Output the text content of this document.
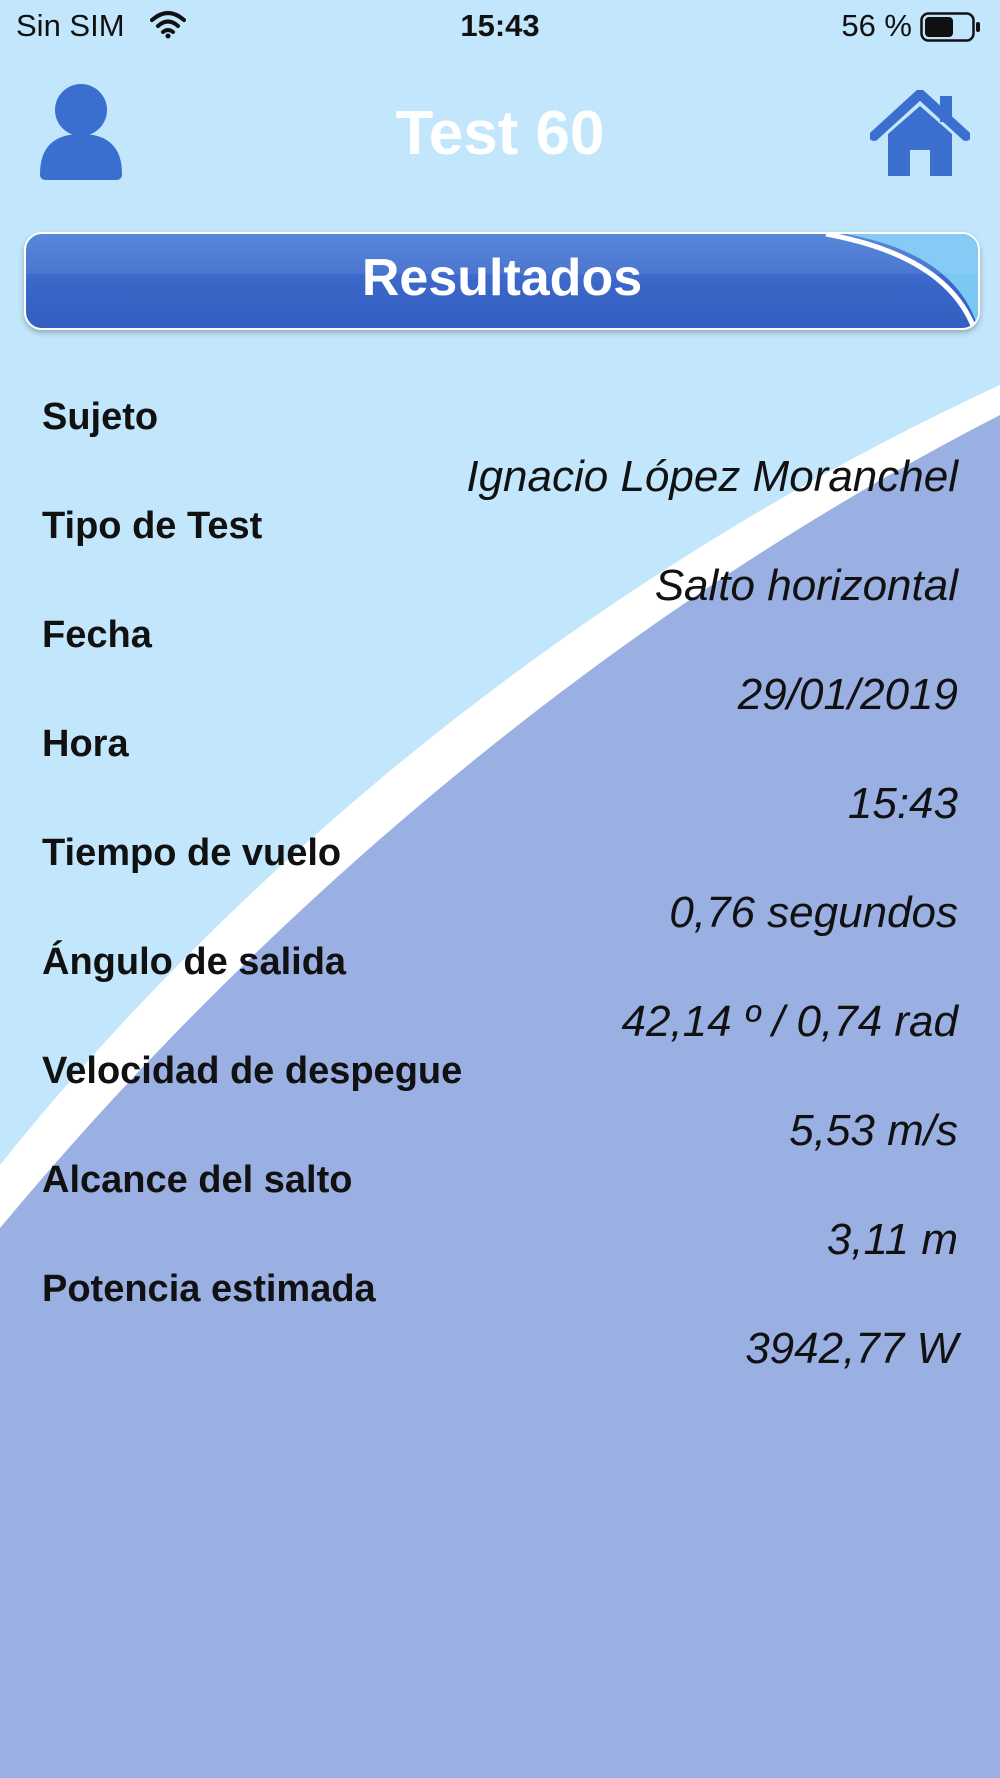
Sin SIM	15:43	56 %
Test 60
Resultados
Sujeto
Ignacio López Moranchel
Tipo de Test
Salto horizontal
Fecha
29/01/2019
Hora
15:43
Tiempo de vuelo
0,76 segundos
Ángulo de salida
42,14 º / 0,74 rad
Velocidad de despegue
5,53 m/s
Alcance del salto
3,11 m
Potencia estimada
3942,77 W
